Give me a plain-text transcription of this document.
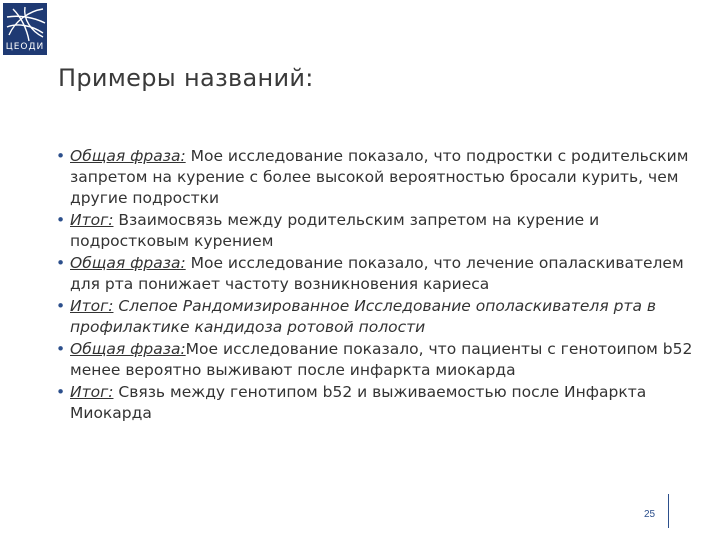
ЦЕОДИ
Примеры названий:
• Общая фраза: Мое исследование показало, что подростки с родительским запретом на курение с более высокой вероятностью бросали курить, чем другие подростки
• Итог: Взаимосвязь между родительским запретом на курение и подростковым курением
• Общая фраза: Мое исследование показало, что лечение опаласкивателем для рта понижает частоту возникновения кариеса
• Итог: Слепое Рандомизированное Исследование ополаскивателя рта в профилактике кандидоза ротовой полости
• Общая фраза:Мое исследование показало, что пациенты с генотоипом b52 менее вероятно выживают после инфаркта миокарда
• Итог: Связь между генотипом b52 и выживаемостью после Инфаркта Миокарда
25
